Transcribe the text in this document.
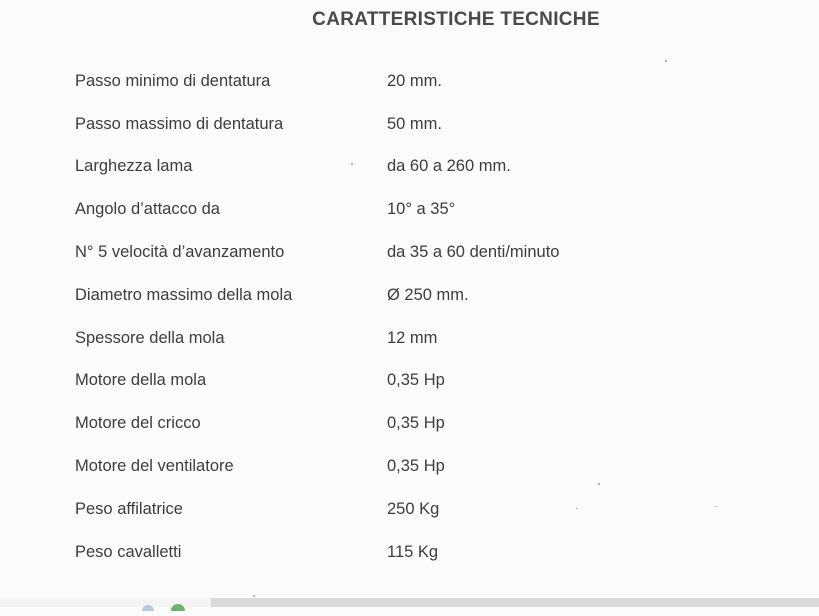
CARATTERISTICHE TECNICHE
Passo minimo di dentatura	20 mm.
Passo massimo di dentatura	50 mm.
Larghezza lama	da 60 a 260 mm.
Angolo d’attacco da	10° a 35°
N° 5 velocità d’avanzamento	da 35 a 60 denti/minuto
Diametro massimo della mola	Ø 250 mm.
Spessore della mola	12 mm
Motore della mola	0,35 Hp
Motore del cricco	0,35 Hp
Motore del ventilatore	0,35 Hp
Peso affilatrice	250 Kg
Peso cavalletti	115 Kg
